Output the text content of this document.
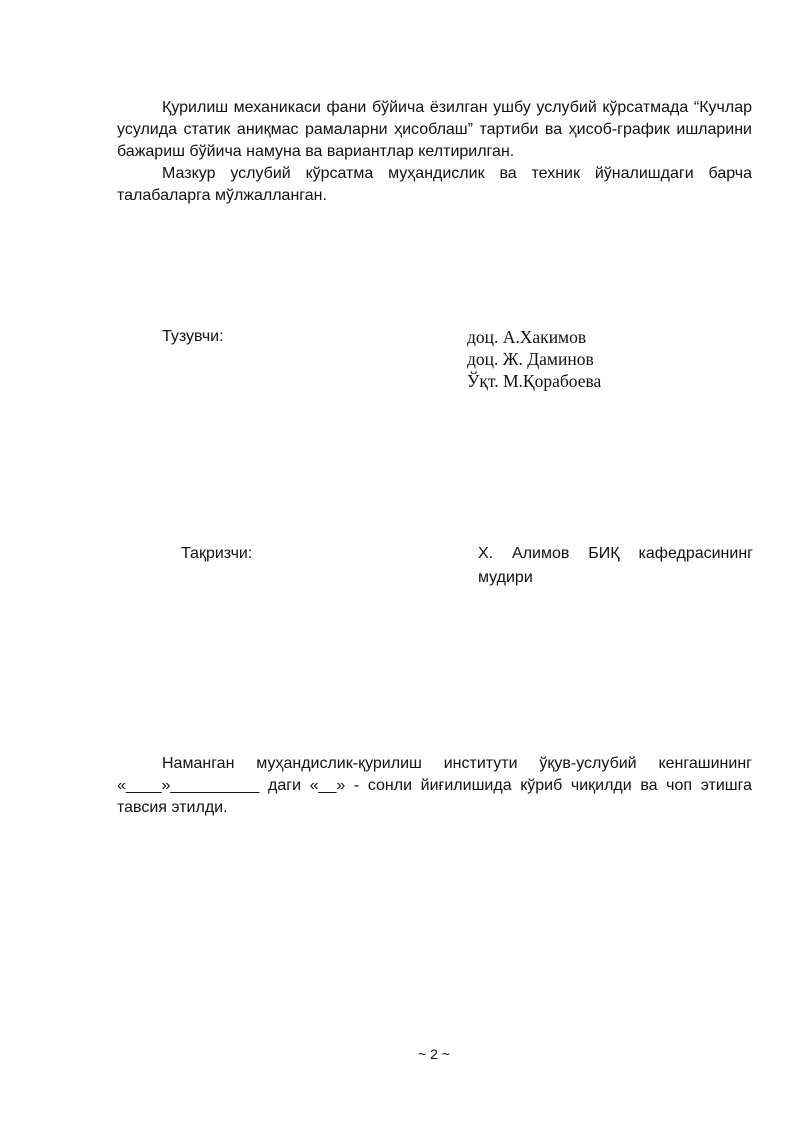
Қурилиш механикаси фани бўйича ёзилган ушбу услубий кўрсатмада “Кучлар усулида статик аниқмас рамаларни ҳисоблаш” тартиби ва ҳисоб-график ишларини бажариш бўйича намуна ва вариантлар келтирилган.

Мазкур услубий кўрсатма муҳандислик ва техник йўналишдаги барча талабаларга мўлжалланган.

Тузувчи:	доц. А.Хакимов

доц. Ж. Даминов

Ўқт. М.Қорабоева

Тақризчи:	Х. Алимов БИҚ кафедрасининг мудири

Наманган муҳандислик-қурилиш институти ўқув-услубий кенгашининг «____»__________ даги «__» - сонли йиғилишида кўриб чиқилди ва чоп этишга тавсия этилди.

~ 2 ~
